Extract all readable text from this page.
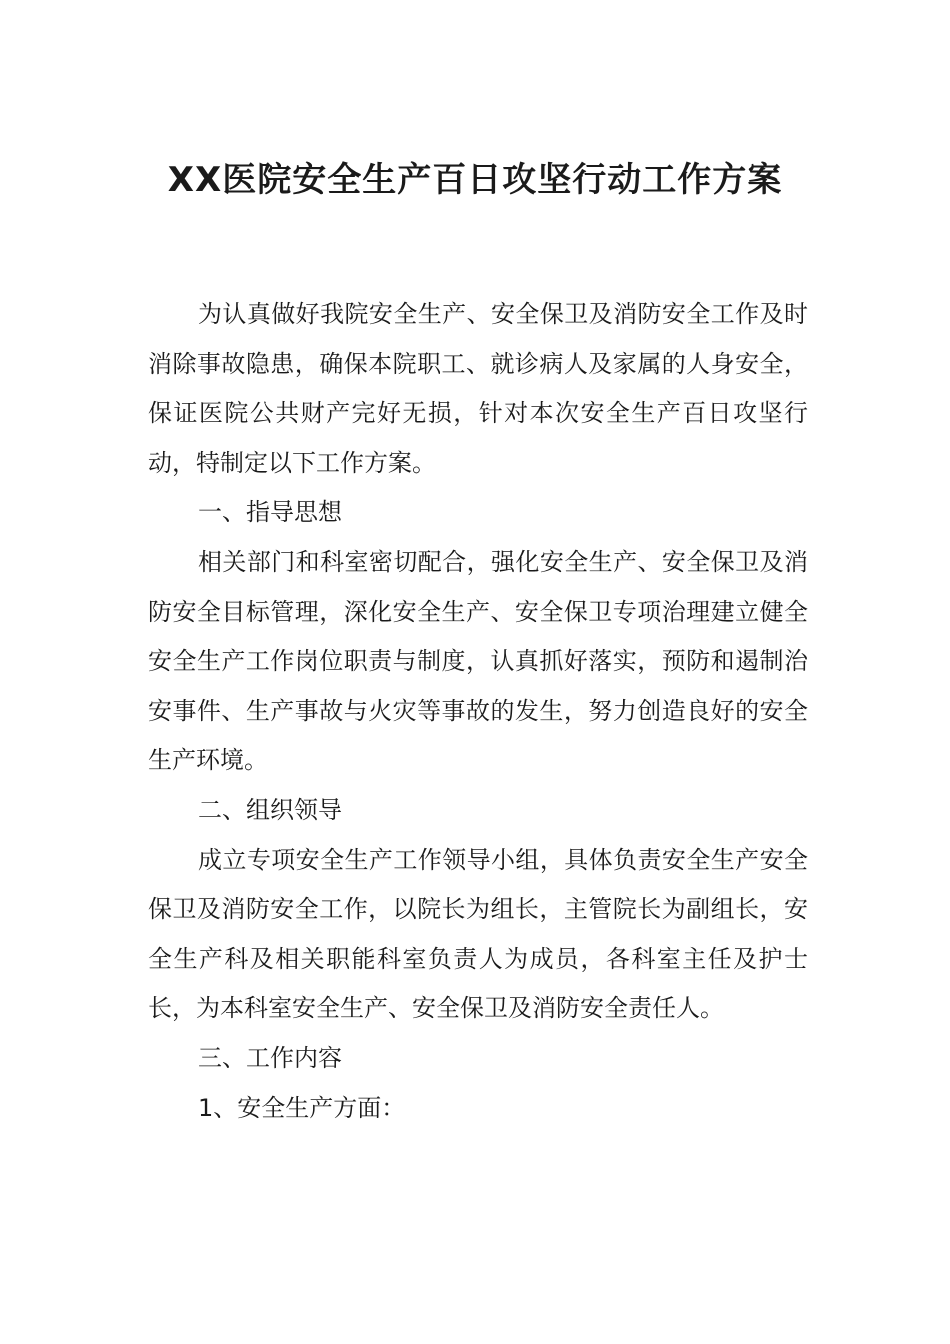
XX医院安全生产百日攻坚行动工作方案

为认真做好我院安全生产、安全保卫及消防安全工作及时消除事故隐患，确保本院职工、就诊病人及家属的人身安全，保证医院公共财产完好无损，针对本次安全生产百日攻坚行动，特制定以下工作方案。

一、指导思想

相关部门和科室密切配合，强化安全生产、安全保卫及消防安全目标管理，深化安全生产、安全保卫专项治理建立健全安全生产工作岗位职责与制度，认真抓好落实，预防和遏制治安事件、生产事故与火灾等事故的发生，努力创造良好的安全生产环境。

二、组织领导

成立专项安全生产工作领导小组，具体负责安全生产安全保卫及消防安全工作，以院长为组长，主管院长为副组长，安全生产科及相关职能科室负责人为成员，各科室主任及护士长，为本科室安全生产、安全保卫及消防安全责任人。

三、工作内容

1、安全生产方面：
